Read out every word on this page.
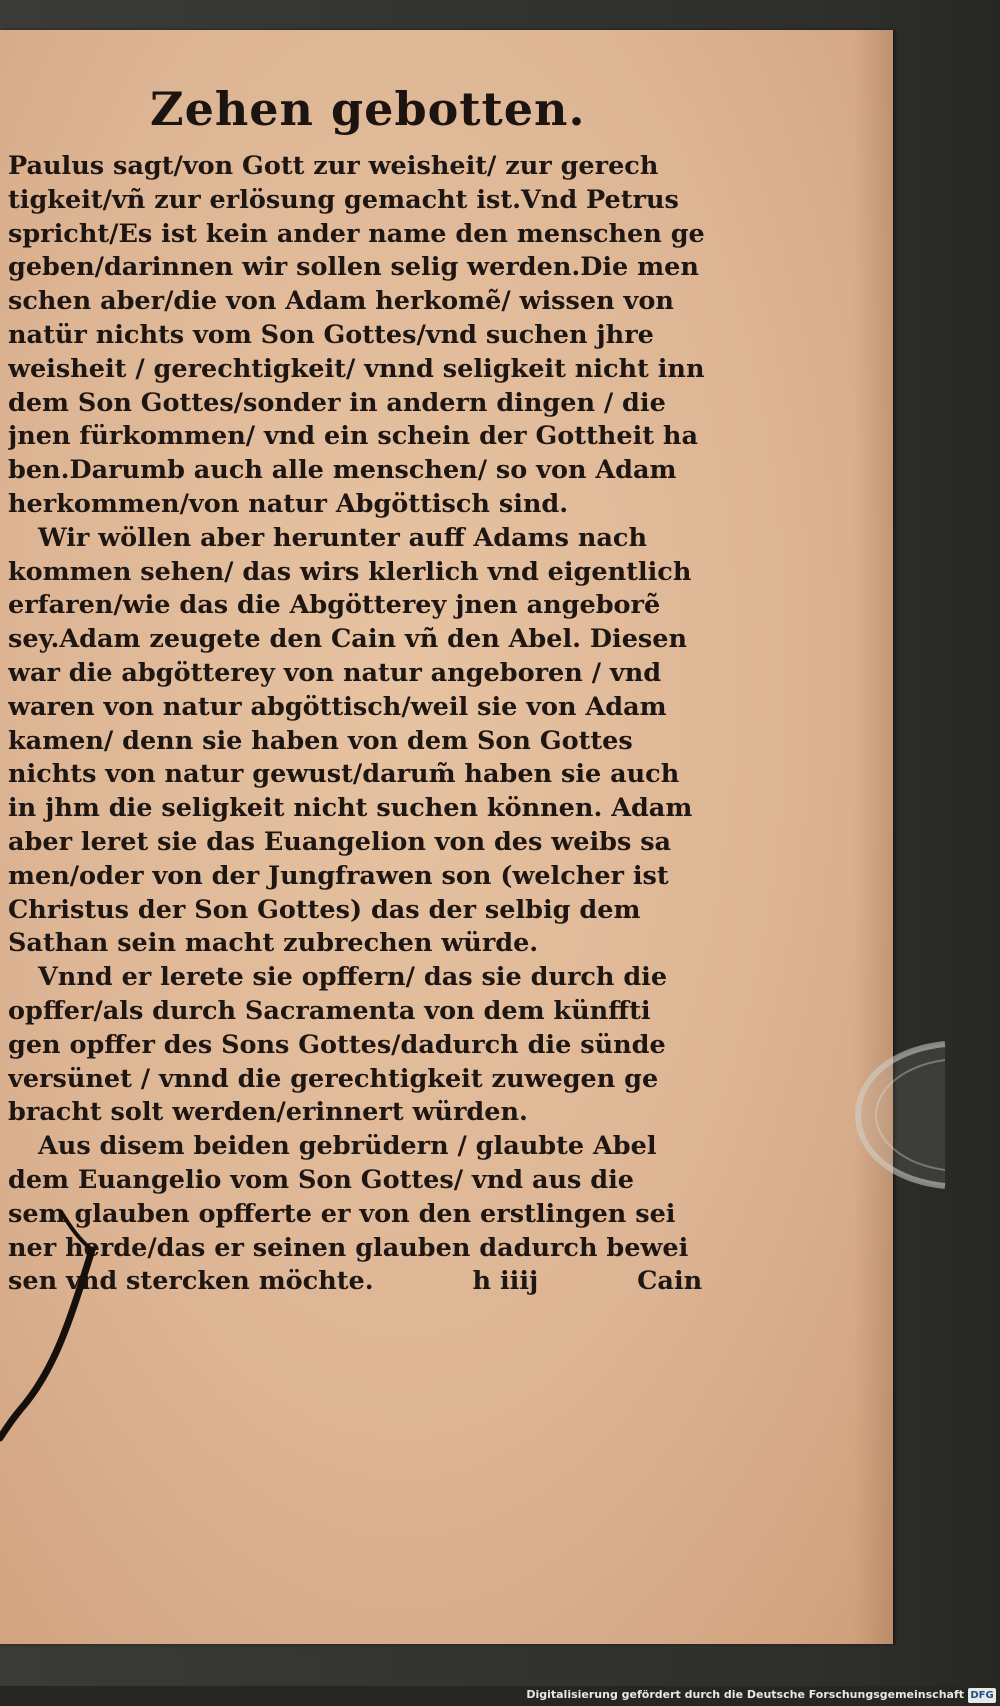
Zehen gebotten.
Paulus sagt/von Gott zur weisheit/ zur gerech
tigkeit/vñ zur erlösung gemacht ist.Vnd Petrus
spricht/Es ist kein ander name den menschen ge
geben/darinnen wir sollen selig werden.Die men
schen aber/die von Adam herkomẽ/ wissen von
natür nichts vom Son Gottes/vnd suchen jhre
weisheit / gerechtigkeit/ vnnd seligkeit nicht inn
dem Son Gottes/sonder in andern dingen / die
jnen fürkommen/ vnd ein schein der Gottheit ha
ben.Darumb auch alle menschen/ so von Adam
herkommen/von natur Abgöttisch sind.
Wir wöllen aber herunter auff Adams nach
kommen sehen/ das wirs klerlich vnd eigentlich
erfaren/wie das die Abgötterey jnen angeborẽ
sey.Adam zeugete den Cain vñ den Abel. Diesen
war die abgötterey von natur angeboren / vnd
waren von natur abgöttisch/weil sie von Adam
kamen/ denn sie haben von dem Son Gottes
nichts von natur gewust/darum̃ haben sie auch
in jhm die seligkeit nicht suchen können. Adam
aber leret sie das Euangelion von des weibs sa
men/oder von der Jungfrawen son (welcher ist
Christus der Son Gottes) das der selbig dem
Sathan sein macht zubrechen würde.
Vnnd er lerete sie opffern/ das sie durch die
opffer/als durch Sacramenta von dem künffti
gen opffer des Sons Gottes/dadurch die sünde
versünet / vnnd die gerechtigkeit zuwegen ge
bracht solt werden/erinnert würden.
Aus disem beiden gebrüdern / glaubte Abel
dem Euangelio vom Son Gottes/ vnd aus die
sem glauben opfferte er von den erstlingen sei
ner herde/das er seinen glauben dadurch bewei
sen vnd stercken möchte.	h iiij	Cain
Digitalisierung gefördert durch die Deutsche Forschungsgemeinschaft DFG
